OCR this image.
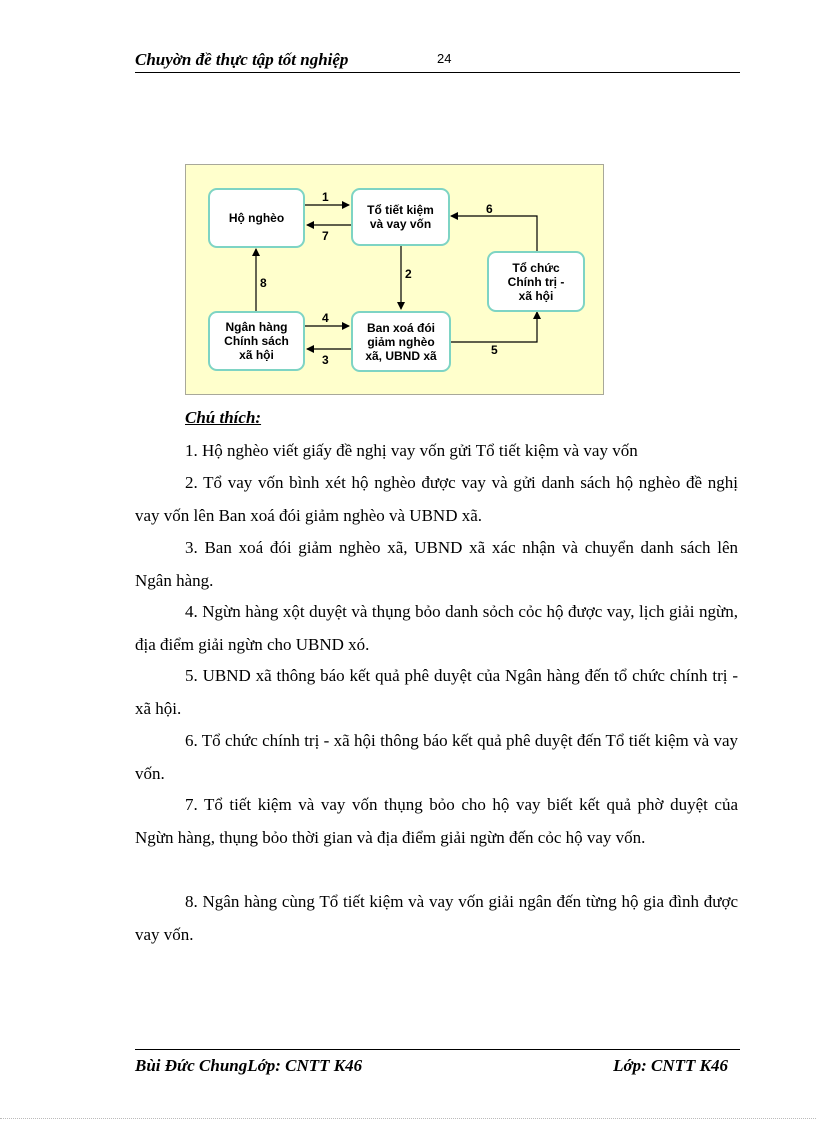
Chuyờn đề thực tập tốt nghiệp	24
Hộ nghèo
Tổ tiết kiệm
và vay vốn
Tổ chức
Chính trị -
xã hội
Ngân hàng
Chính sách
xã hội
Ban xoá đói
giảm nghèo
xã, UBND xã
1
7
6
2
8
4
3
5
Chú thích:
1. Hộ nghèo viết giấy đề nghị vay vốn gửi Tổ tiết kiệm và vay vốn
2. Tổ vay vốn bình xét hộ nghèo được vay và gửi danh sách hộ nghèo đề nghị vay vốn lên Ban xoá đói giảm nghèo và UBND xã.
3. Ban xoá đói giảm nghèo xã, UBND xã xác nhận và chuyển danh sách lên Ngân hàng.
4. Ngừn hàng xột duyệt và thụng bỏo danh sỏch cỏc hộ được vay, lịch giải ngừn, địa điểm giải ngừn cho UBND xó.
5. UBND xã thông báo kết quả phê duyệt của Ngân hàng đến tổ chức chính trị - xã hội.
6. Tổ chức chính trị - xã hội thông báo kết quả phê duyệt đến Tổ tiết kiệm và vay vốn.
7. Tổ tiết kiệm và vay vốn thụng bỏo cho hộ vay biết kết quả phờ duyệt của Ngừn hàng, thụng bỏo thời gian và địa điểm giải ngừn đến cỏc hộ vay vốn.
8. Ngân hàng cùng Tổ tiết kiệm và vay vốn giải ngân đến từng hộ gia đình được vay vốn.
Bùi Đức ChungLớp: CNTT K46	Lớp: CNTT K46
